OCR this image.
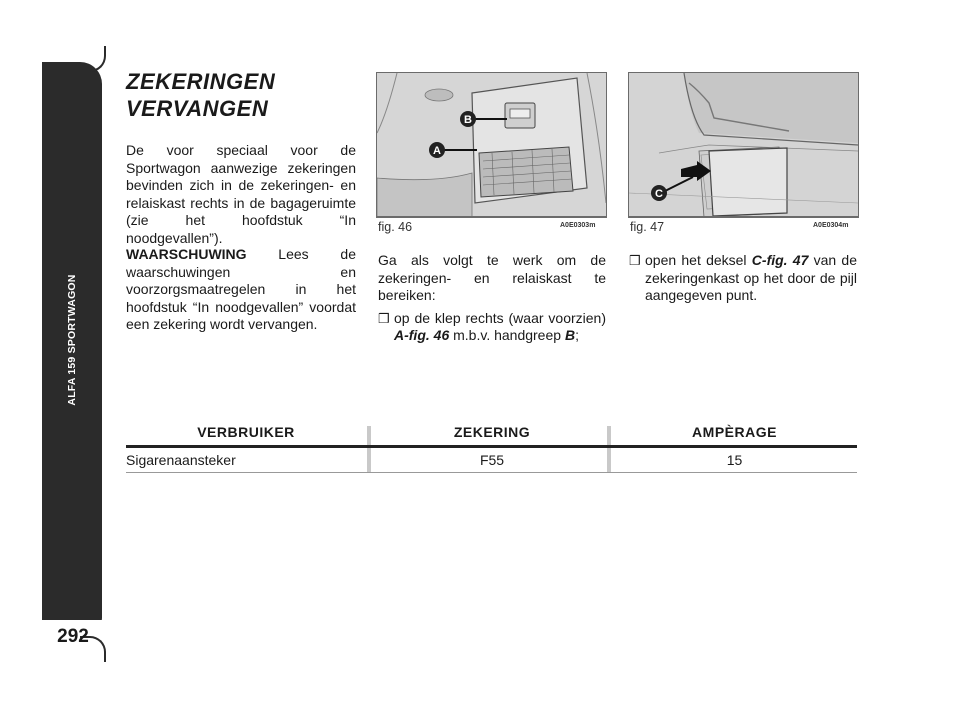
ALFA 159 SPORTWAGON
292
ZEKERINGEN
VERVANGEN
De voor speciaal voor de Sportwagon aanwezige zekeringen bevinden zich in de zekeringen- en relaiskast rechts in de bagageruimte (zie het hoofdstuk “In noodgevallen”).
WAARSCHUWING Lees de waarschuwingen en voorzorgsmaatregelen in het hoofdstuk “In noodgevallen” voordat een zekering wordt vervangen.
A
B
fig. 46	A0E0303m
C
fig. 47	A0E0304m
Ga als volgt te werk om de zekeringen- en relaiskast te bereiken:
❒ op de klep rechts (waar voorzien) A-fig. 46 m.b.v. handgreep B;
❒ open het deksel C-fig. 47 van de zekeringenkast op het door de pijl aangegeven punt.
VERBRUIKER	ZEKERING	AMPÈRAGE
Sigarenaansteker	F55	15
